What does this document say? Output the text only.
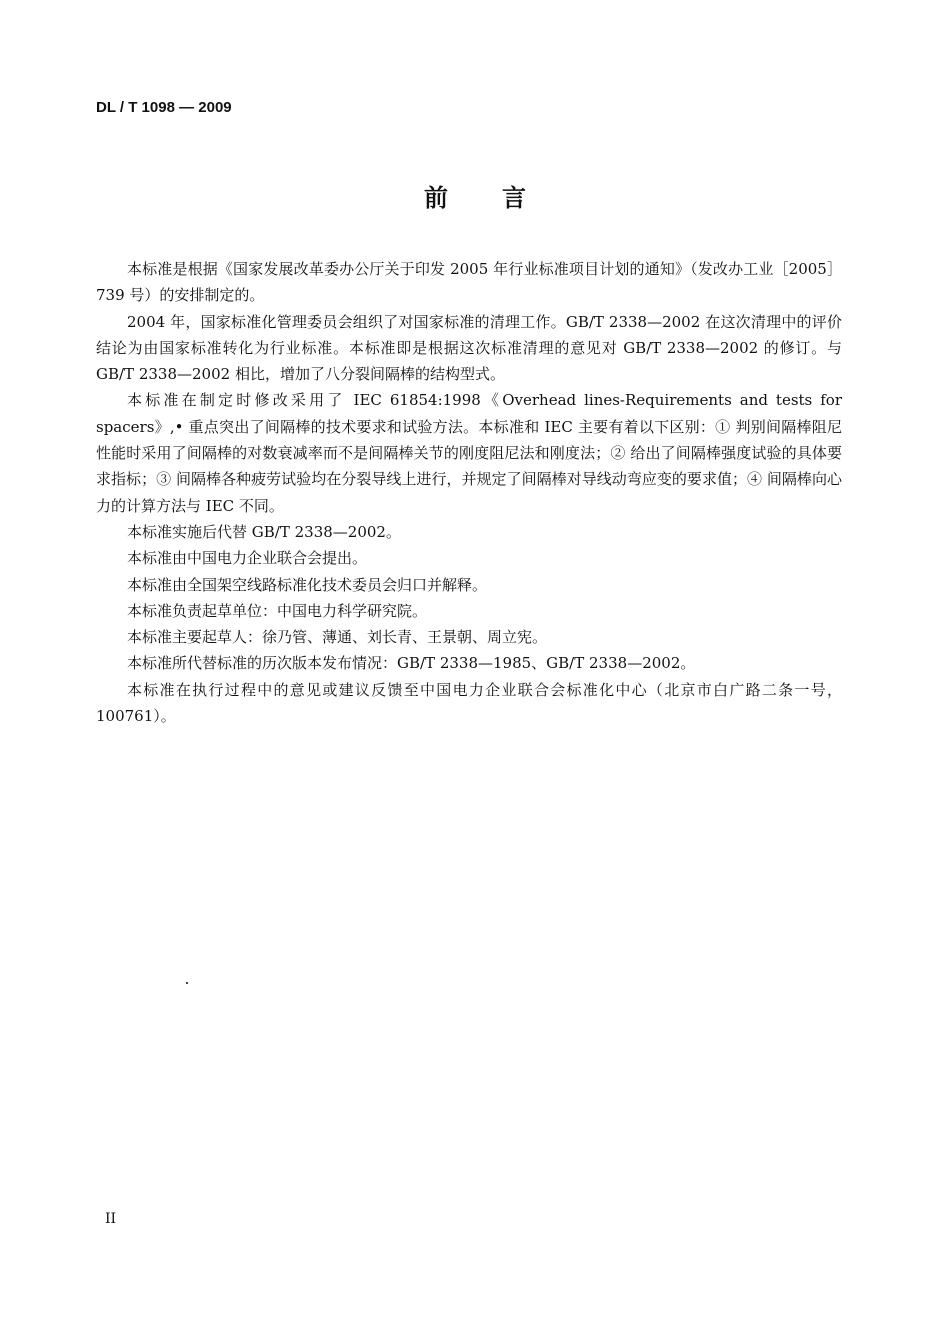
DL / T 1098 — 2009
前 言

本标准是根据《国家发展改革委办公厅关于印发 2005 年行业标准项目计划的通知》（发改办工业［2005］739 号）的安排制定的。

2004 年，国家标准化管理委员会组织了对国家标准的清理工作。GB/T 2338—2002 在这次清理中的评价结论为由国家标准转化为行业标准。本标准即是根据这次标准清理的意见对 GB/T 2338—2002 的修订。与 GB/T 2338—2002 相比，增加了八分裂间隔棒的结构型式。

本标准在制定时修改采用了 IEC 61854:1998《Overhead lines-Requirements and tests for spacers》,• 重点突出了间隔棒的技术要求和试验方法。本标准和 IEC 主要有着以下区别：① 判别间隔棒阻尼性能时采用了间隔棒的对数衰减率而不是间隔棒关节的刚度阻尼法和刚度法；② 给出了间隔棒强度试验的具体要求指标；③ 间隔棒各种疲劳试验均在分裂导线上进行，并规定了间隔棒对导线动弯应变的要求值；④ 间隔棒向心力的计算方法与 IEC 不同。

本标准实施后代替 GB/T 2338—2002。

本标准由中国电力企业联合会提出。

本标准由全国架空线路标准化技术委员会归口并解释。

本标准负责起草单位：中国电力科学研究院。

本标准主要起草人：徐乃管、薄通、刘长青、王景朝、周立宪。

本标准所代替标准的历次版本发布情况：GB/T 2338—1985、GB/T 2338—2002。

本标准在执行过程中的意见或建议反馈至中国电力企业联合会标准化中心（北京市白广路二条一号，100761）。

II
